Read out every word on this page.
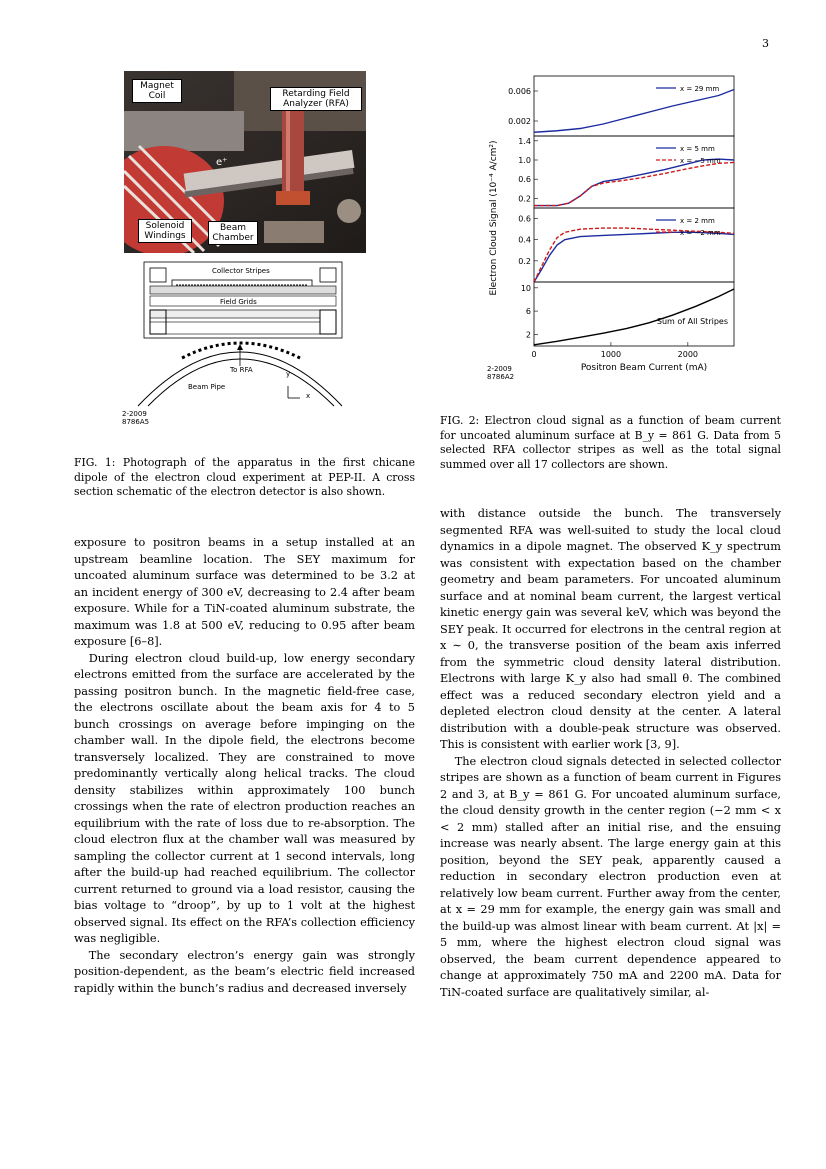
3
Magnet Coil	Retarding Field Analyzer (RFA)
e⁺
Solenoid Windings
Beam Chamber
Collector Stripes
Field Grids
To RFA
Beam Pipe
y
x
2-2009
8786A5
0.006
0.002
x = 29 mm
1.4
1.0
0.6
0.2
x = 5 mm
x = −5 mm
0.6
0.4
0.2
x = 2 mm
x = −2 mm
10
6
2
Sum of All Stripes
0	1000	2000
Positron Beam Current (mA)
Electron Cloud Signal (10⁻⁴ A/cm²)
2-2009
8786A2
FIG. 2: Electron cloud signal as a function of beam current for uncoated aluminum surface at B_y = 861 G. Data from 5 selected RFA collector stripes as well as the total signal summed over all 17 collectors are shown.
FIG. 1: Photograph of the apparatus in the first chicane dipole of the electron cloud experiment at PEP-II. A cross section schematic of the electron detector is also shown.

exposure to positron beams in a setup installed at an upstream beamline location. The SEY maximum for uncoated aluminum surface was determined to be 3.2 at an incident energy of 300 eV, decreasing to 2.4 after beam exposure. While for a TiN-coated aluminum substrate, the maximum was 1.8 at 500 eV, reducing to 0.95 after beam exposure [6–8].

During electron cloud build-up, low energy secondary electrons emitted from the surface are accelerated by the passing positron bunch. In the magnetic field-free case, the electrons oscillate about the beam axis for 4 to 5 bunch crossings on average before impinging on the chamber wall. In the dipole field, the electrons become transversely localized. They are constrained to move predominantly vertically along helical tracks. The cloud density stabilizes within approximately 100 bunch crossings when the rate of electron production reaches an equilibrium with the rate of loss due to re-absorption. The cloud electron flux at the chamber wall was measured by sampling the collector current at 1 second intervals, long after the build-up had reached equilibrium. The collector current returned to ground via a load resistor, causing the bias voltage to “droop”, by up to 1 volt at the highest observed signal. Its effect on the RFA’s collection efficiency was negligible.

The secondary electron’s energy gain was strongly position-dependent, as the beam’s electric field increased rapidly within the bunch’s radius and decreased inversely

with distance outside the bunch. The transversely segmented RFA was well-suited to study the local cloud dynamics in a dipole magnet. The observed K_y spectrum was consistent with expectation based on the chamber geometry and beam parameters. For uncoated aluminum surface and at nominal beam current, the largest vertical kinetic energy gain was several keV, which was beyond the SEY peak. It occurred for electrons in the central region at x ∼ 0, the transverse position of the beam axis inferred from the symmetric cloud density lateral distribution. Electrons with large K_y also had small θ. The combined effect was a reduced secondary electron yield and a depleted electron cloud density at the center. A lateral distribution with a double-peak structure was observed. This is consistent with earlier work [3, 9].

The electron cloud signals detected in selected collector stripes are shown as a function of beam current in Figures 2 and 3, at B_y = 861 G. For uncoated aluminum surface, the cloud density growth in the center region (−2 mm < x < 2 mm) stalled after an initial rise, and the ensuing increase was nearly absent. The large energy gain at this position, beyond the SEY peak, apparently caused a reduction in secondary electron production even at relatively low beam current. Further away from the center, at x = 29 mm for example, the energy gain was small and the build-up was almost linear with beam current. At |x| = 5 mm, where the highest electron cloud signal was observed, the beam current dependence appeared to change at approximately 750 mA and 2200 mA. Data for TiN-coated surface are qualitatively similar, al-
